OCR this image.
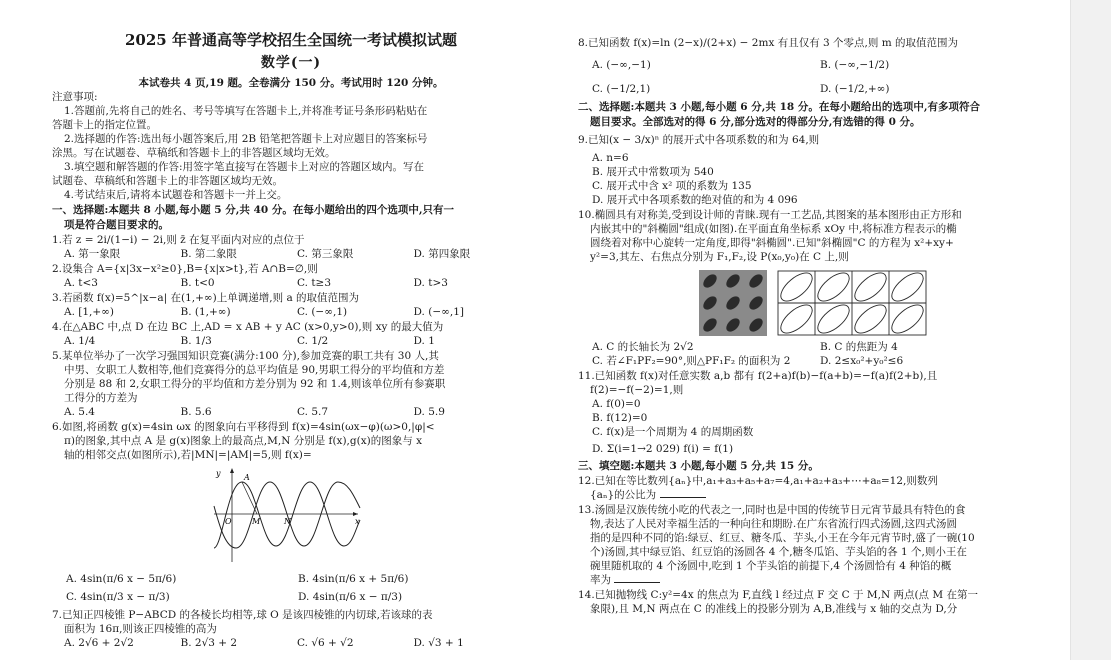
2025 年普通高等学校招生全国统一考试模拟试题
数学(一)
本试卷共 4 页,19 题。全卷满分 150 分。考试用时 120 分钟。
注意事项:
1.答题前,先将自己的姓名、考号等填写在答题卡上,并将准考证号条形码粘贴在
答题卡上的指定位置。
2.选择题的作答:选出每小题答案后,用 2B 铅笔把答题卡上对应题目的答案标号
涂黑。写在试题卷、草稿纸和答题卡上的非答题区域均无效。
3.填空题和解答题的作答:用签字笔直接写在答题卡上对应的答题区域内。写在
试题卷、草稿纸和答题卡上的非答题区域均无效。
4.考试结束后,请将本试题卷和答题卡一并上交。
一、选择题:本题共 8 小题,每小题 5 分,共 40 分。在每小题给出的四个选项中,只有一
项是符合题目要求的。
1.若 z = 2i/(1−i) − 2i,则 z̄ 在复平面内对应的点位于
A. 第一象限	B. 第二象限	C. 第三象限	D. 第四象限
2.设集合 A={x|3x−x²≥0},B={x|x>t},若 A∩B=∅,则
A. t<3	B. t<0	C. t≥3	D. t>3
3.若函数 f(x)=5^|x−a| 在(1,+∞)上单调递增,则 a 的取值范围为
A. [1,+∞)	B. (1,+∞)	C. (−∞,1)	D. (−∞,1]
4.在△ABC 中,点 D 在边 BC 上,AD = x AB + y AC (x>0,y>0),则 xy 的最大值为
A. 1/4	B. 1/3	C. 1/2	D. 1
5.某单位举办了一次学习强国知识竞赛(满分:100 分),参加竞赛的职工共有 30 人,其
中男、女职工人数相等,他们竞赛得分的总平均值是 90,男职工得分的平均值和方差
分别是 88 和 2,女职工得分的平均值和方差分别为 92 和 1.4,则该单位所有参赛职
工得分的方差为
A. 5.4	B. 5.6	C. 5.7	D. 5.9
6.如图,将函数 g(x)=4sin ωx 的图象向右平移得到 f(x)=4sin(ωx−φ)(ω>0,|φ|<
π)的图象,其中点 A 是 g(x)图象上的最高点,M,N 分别是 f(x),g(x)的图象与 x
轴的相邻交点(如图所示),若|MN|=|AM|=5,则 f(x)=
y
x
O
A
M	N
A. 4sin(π/6 x − 5π/6)	B. 4sin(π/6 x + 5π/6)
C. 4sin(π/3 x − π/3)	D. 4sin(π/6 x − π/3)
7.已知正四棱锥 P−ABCD 的各棱长均相等,球 O 是该四棱锥的内切球,若该球的表
面积为 16π,则该正四棱锥的高为
A. 2√6 + 2√2	B. 2√3 + 2	C. √6 + √2	D. √3 + 1
8.已知函数 f(x)=ln (2−x)/(2+x) − 2mx 有且仅有 3 个零点,则 m 的取值范围为
A. (−∞,−1)	B. (−∞,−1/2)
C. (−1/2,1)	D. (−1/2,+∞)
二、选择题:本题共 3 小题,每小题 6 分,共 18 分。在每小题给出的选项中,有多项符合
题目要求。全部选对的得 6 分,部分选对的得部分分,有选错的得 0 分。
9.已知(x − 3/x)ⁿ 的展开式中各项系数的和为 64,则
A. n=6
B. 展开式中常数项为 540
C. 展开式中含 x² 项的系数为 135
D. 展开式中各项系数的绝对值的和为 4 096
10.椭圆具有对称美,受到设计师的青睐.现有一工艺品,其图案的基本图形由正方形和
内嵌其中的"斜椭圆"组成(如图).在平面直角坐标系 xOy 中,将标准方程表示的椭
圆绕着对称中心旋转一定角度,即得"斜椭圆".已知"斜椭圆"C 的方程为 x²+xy+
y²=3,其左、右焦点分别为 F₁,F₂,设 P(x₀,y₀)在 C 上,则
A. C 的长轴长为 2√2	B. C 的焦距为 4
C. 若∠F₁PF₂=90°,则△PF₁F₂ 的面积为 2	D. 2≤x₀²+y₀²≤6
11.已知函数 f(x)对任意实数 a,b 都有 f(2+a)f(b)−f(a+b)=−f(a)f(2+b),且
f(2)=−f(−2)=1,则
A. f(0)=0
B. f(12)=0
C. f(x)是一个周期为 4 的周期函数
D. Σ(i=1→2 029) f(i) = f(1)
三、填空题:本题共 3 小题,每小题 5 分,共 15 分。
12.已知在等比数列{aₙ}中,a₁+a₃+a₅+a₇=4,a₁+a₂+a₃+⋯+a₈=12,则数列
{aₙ}的公比为
13.汤圆是汉族传统小吃的代表之一,同时也是中国的传统节日元宵节最具有特色的食
物,表达了人民对幸福生活的一种向往和期盼.在广东省流行四式汤圆,这四式汤圆
指的是四种不同的馅:绿豆、红豆、糖冬瓜、芋头,小王在今年元宵节时,盛了一碗(10
个)汤圆,其中绿豆馅、红豆馅的汤圆各 4 个,糖冬瓜馅、芋头馅的各 1 个,则小王在
碗里随机取的 4 个汤圆中,吃到 1 个芋头馅的前提下,4 个汤圆恰有 4 种馅的概
率为
14.已知抛物线 C:y²=4x 的焦点为 F,直线 l 经过点 F 交 C 于 M,N 两点(点 M 在第一
象限),且 M,N 两点在 C 的准线上的投影分别为 A,B,准线与 x 轴的交点为 D,分
